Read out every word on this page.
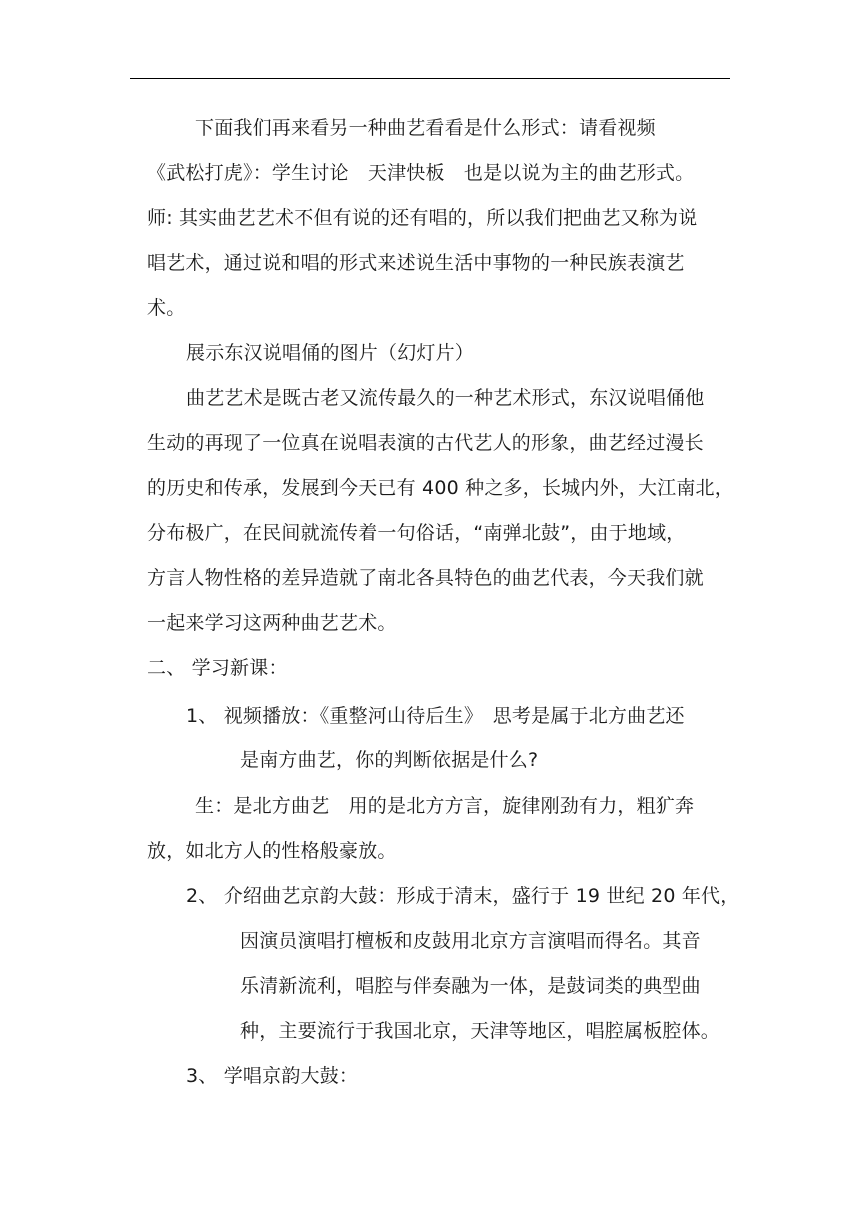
下面我们再来看另一种曲艺看看是什么形式：请看视频
《武松打虎》：学生讨论　天津快板　也是以说为主的曲艺形式。
师: 其实曲艺艺术不但有说的还有唱的，所以我们把曲艺又称为说
唱艺术，通过说和唱的形式来述说生活中事物的一种民族表演艺
术。
展示东汉说唱俑的图片（幻灯片）
曲艺艺术是既古老又流传最久的一种艺术形式，东汉说唱俑他
生动的再现了一位真在说唱表演的古代艺人的形象，曲艺经过漫长
的历史和传承，发展到今天已有 400 种之多，长城内外，大江南北，
分布极广，在民间就流传着一句俗话，“南弹北鼓”，由于地域，
方言人物性格的差异造就了南北各具特色的曲艺代表，今天我们就
一起来学习这两种曲艺艺术。
二、 学习新课：
1、 视频播放：《重整河山待后生》　思考是属于北方曲艺还
是南方曲艺，你的判断依据是什么?
生：是北方曲艺　用的是北方方言，旋律刚劲有力，粗犷奔
放，如北方人的性格般豪放。
2、 介绍曲艺京韵大鼓：形成于清末，盛行于 19 世纪 20 年代，
因演员演唱打檀板和皮鼓用北京方言演唱而得名。其音
乐清新流利，唱腔与伴奏融为一体，是鼓词类的典型曲
种，主要流行于我国北京，天津等地区，唱腔属板腔体。
3、 学唱京韵大鼓：
